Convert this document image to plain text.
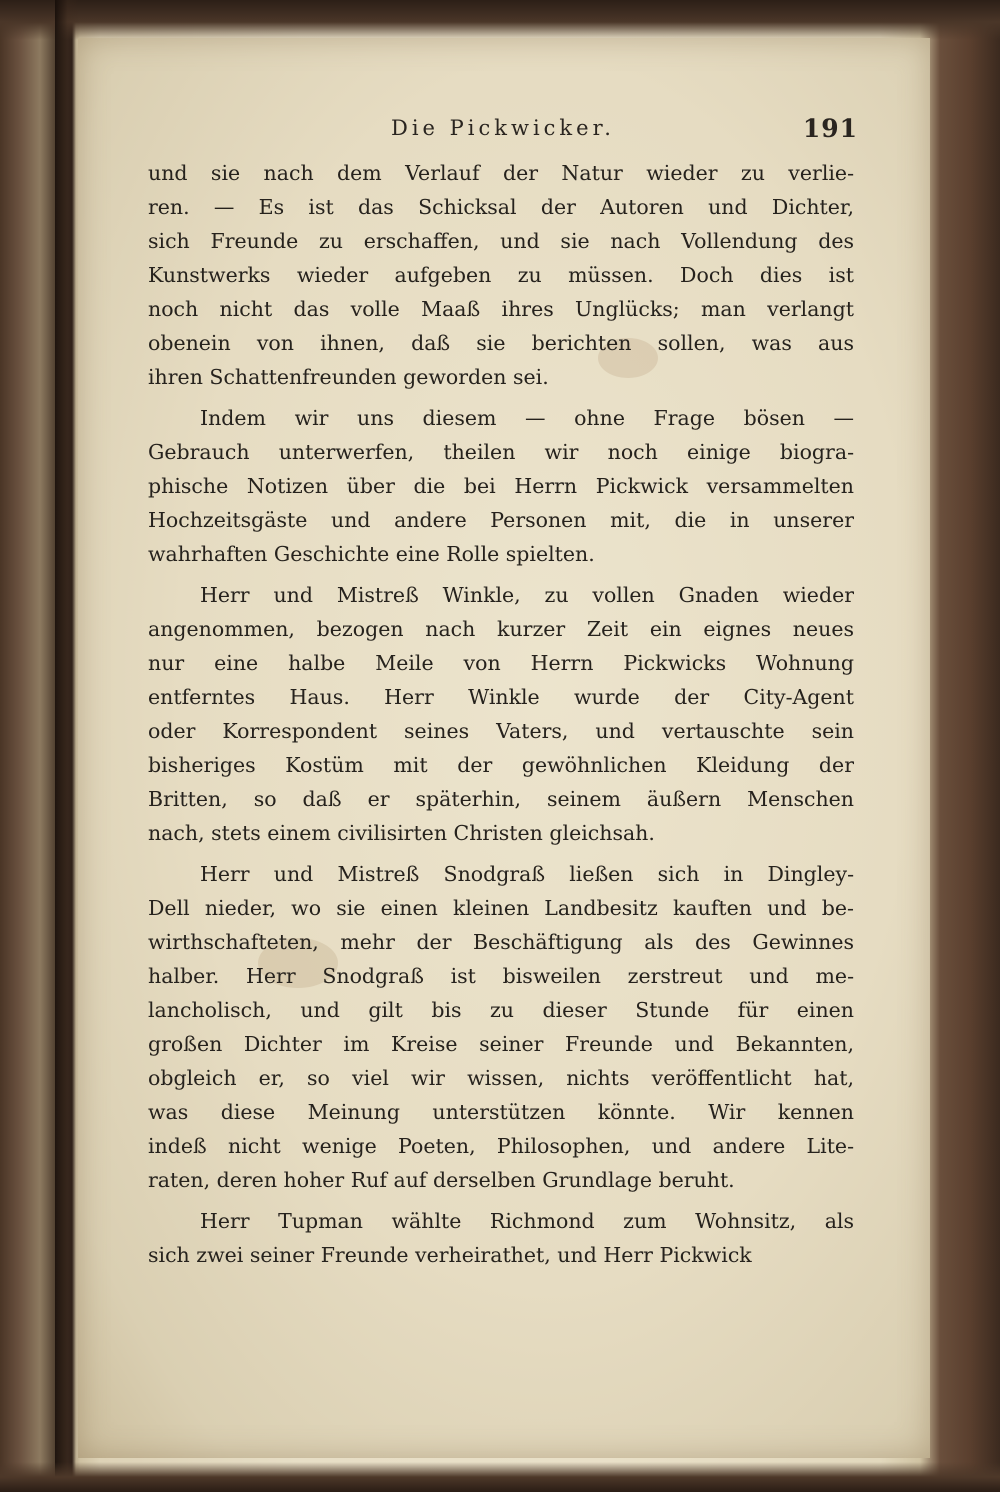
Die Pickwicker.	191

und sie nach dem Verlauf der Natur wieder zu verlie-
ren. — Es ist das Schicksal der Autoren und Dichter,
sich Freunde zu erschaffen, und sie nach Vollendung des
Kunstwerks wieder aufgeben zu müssen. Doch dies ist
noch nicht das volle Maaß ihres Unglücks; man verlangt
obenein von ihnen, daß sie berichten sollen, was aus
ihren Schattenfreunden geworden sei.

Indem wir uns diesem — ohne Frage bösen —
Gebrauch unterwerfen, theilen wir noch einige biogra-
phische Notizen über die bei Herrn Pickwick versammelten
Hochzeitsgäste und andere Personen mit, die in unserer
wahrhaften Geschichte eine Rolle spielten.

Herr und Mistreß Winkle, zu vollen Gnaden wieder
angenommen, bezogen nach kurzer Zeit ein eignes neues
nur eine halbe Meile von Herrn Pickwicks Wohnung
entferntes Haus. Herr Winkle wurde der City-Agent
oder Korrespondent seines Vaters, und vertauschte sein
bisheriges Kostüm mit der gewöhnlichen Kleidung der
Britten, so daß er späterhin, seinem äußern Menschen
nach, stets einem civilisirten Christen gleichsah.

Herr und Mistreß Snodgraß ließen sich in Dingley-
Dell nieder, wo sie einen kleinen Landbesitz kauften und be-
wirthschafteten, mehr der Beschäftigung als des Gewinnes
halber. Herr Snodgraß ist bisweilen zerstreut und me-
lancholisch, und gilt bis zu dieser Stunde für einen
großen Dichter im Kreise seiner Freunde und Bekannten,
obgleich er, so viel wir wissen, nichts veröffentlicht hat,
was diese Meinung unterstützen könnte. Wir kennen
indeß nicht wenige Poeten, Philosophen, und andere Lite-
raten, deren hoher Ruf auf derselben Grundlage beruht.

Herr Tupman wählte Richmond zum Wohnsitz, als
sich zwei seiner Freunde verheirathet, und Herr Pickwick
